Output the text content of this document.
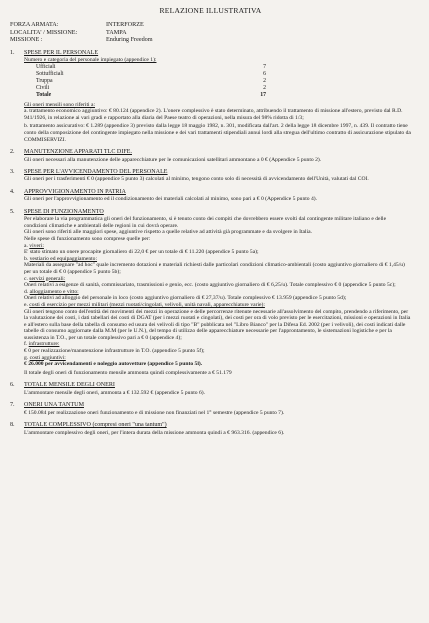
RELAZIONE ILLUSTRATIVA
FORZA ARMATA:	INTERFORZE
LOCALITA' / MISSIONE:	TAMPA
MISSIONE :	Enduring Freedom
1. SPESE PER IL PERSONALE

Numero e categoria del personale impiegato (appendice 1):

Ufficiali	7
Sottufficiali	6
Truppa	2
Civili	2
Totale	17

Gli oneri mensili sono riferiti a:

a. trattamento economico aggiuntivo: € 80.124 (appendice 2). L'onere complessivo è stato determinato, attribuendo il trattamento di missione all'estero, previsto dal R.D. 941/1926, in relazione ai vari gradi e rapportato alla diaria del Paese teatro di operazioni, nella misura del 98% ridotta di 1/3;

b. trattamento assicurativo: € 1.289 (appendice 3) previsto dalla legge 18 maggio 1982, n. 301, modificata dall'art. 2 della legge 18 dicembre 1997, n. 439. Il contratto tiene conto della composizione del contingente impiegato nella missione e dei vari trattamenti stipendiali annui lordi alla stregua dell'ultimo contratto di assicurazione stipulato da COMMISERVIZI.

2. MANUTENZIONE APPARATI TLC DIFE.

Gli oneri necessari alla manutenzione delle apparecchiature per le comunicazioni satellitari ammontano a 0 € (Appendice 5 punto 2).

3. SPESE PER L'AVVICENDAMENTO DEL PERSONALE

Gli oneri per i trasferimenti € 0 (appendice 5 punto 3) calcolati al minimo, tengono conto solo di necessità di avvicendamento dell'Unità, valutati dal COI.

4. APPROVVIGIONAMENTO IN PATRIA

Gli oneri per l'approvvigionamento ed il condizionamento dei materiali calcolati al minimo, sono pari a € 0 (Appendice 5 punto 4).

5. SPESE DI FUNZIONAMENTO

Per elaborare la via programmatica gli oneri del funzionamento, si è tenuto conto dei compiti che dovrebbero essere svolti dal contingente militare italiano e delle condizioni climatiche e ambientali delle regioni in cui dovrà operare.

Gli oneri sono riferiti alle maggiori spese, aggiuntive rispetto a quelle relative ad attività già programmate e da svolgere in Italia.

Nelle spese di funzionamento sono comprese quelle per:

a. viveri:
E' stato stimato un onere procapite giornaliero di 22,0 € per un totale di € 11.220 (appendice 5 punto 5a);

b. vestiario ed equipaggiamento:
Materiali da assegnare "ad hoc" quale incremento dotazioni e materiali richiesti dalle particolari condizioni climatico-ambientali (costo aggiuntivo giornaliero di € 1,45/u) per un totale di € 0 (appendice 5 punto 5b);

c. servizi generali:
Oneri relativi a esigenze di sanità, commissariato, trasmissioni e genio, ecc. (costo aggiuntivo giornaliero di € 6,25/u). Totale complessivo € 0 (appendice 5 punto 5c);

d. alloggiamento e vitto:
Oneri relativi ad alloggio del personale in loco (costo aggiuntivo giornaliero di € 27,37/u). Totale complessivo € 13.959 (appendice 5 punto 5d);

e. costi di esercizio per mezzi militari (mezzi ruotati/cingolati, velivoli, unità navali, apparecchiature varie):
Gli oneri tengono conto dell'entità dei movimenti dei mezzi in operazione e delle percorrenze ritenute necessarie all'assolvimento del compito, prendendo a riferimento, per la valutazione dei costi, i dati tabellari dei costi di DGAT (per i mezzi ruotati e cingolati), dei costi per ora di volo previsto per le esercitazioni, missioni e operazioni in Italia e all'estero sulla base della tabella di consumo ed usura dei velivoli di tipo "B" pubblicata nel "Libro Bianco" per la Difesa Ed. 2002 (per i velivoli), dei costi indicati dalle tabelle di consumo aggiornate dalla M.M (per le U.N.), del tempo di utilizzo delle apparecchiature necessarie per l'approntamento, le sistemazioni logistiche e per la sussistenza in T.O., per un totale complessivo pari a € 0 (appendice 4);

f. infrastrutture:
€ 0 per realizzazione/manutenzione infrastrutture in T.O. (appendice 5 punto 5f);

g. costi aggiuntivi:
€ 26.000 per avvicendamenti e noleggio autovetture (appendice 5 punto 5l).

Il totale degli oneri di funzionamento mensile ammonta quindi complessivamente a € 51.179

6. TOTALE MENSILE DEGLI ONERI

L'ammontare mensile degli oneri, ammonta a € 132.592 € (appendice 5 punto 6).

7. ONERI UNA TANTUM

€ 150.084 per realizzazione oneri funzionamento e di missione non finanziati nel 1° semestre (appendice 5 punto 7).

8. TOTALE COMPLESSIVO (compresi oneri "una tantum")

L'ammontare complessivo degli oneri, per l'intera durata della missione ammonta quindi a € 963.316. (appendice 6).
